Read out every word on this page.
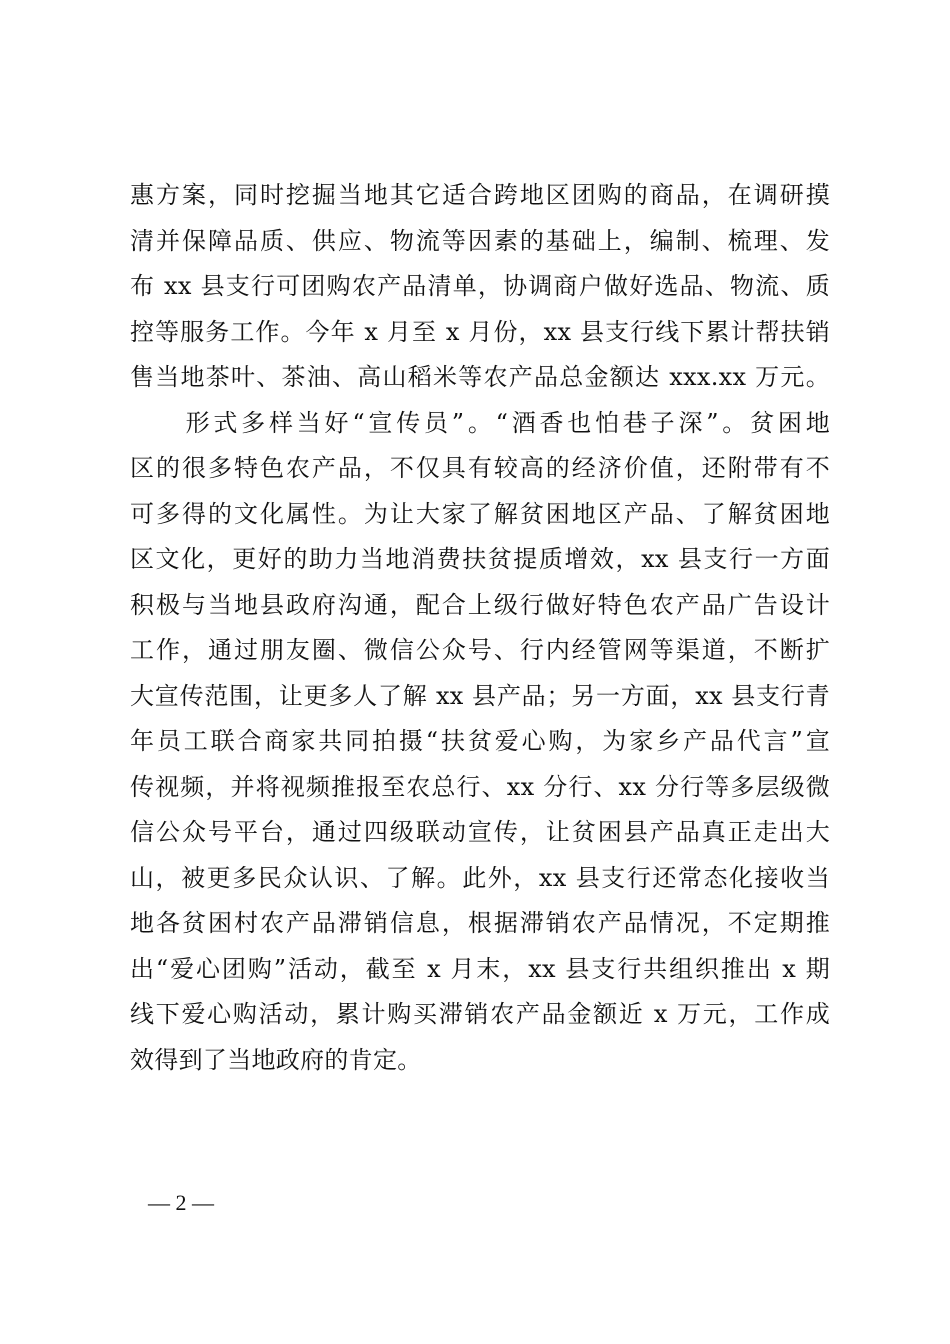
惠方案，同时挖掘当地其它适合跨地区团购的商品，在调研摸
清并保障品质、供应、物流等因素的基础上，编制、梳理、发
布 xx 县支行可团购农产品清单，协调商户做好选品、物流、质
控等服务工作。今年 x 月至 x 月份，xx 县支行线下累计帮扶销
售当地茶叶、茶油、高山稻米等农产品总金额达 xxx.xx 万元。
　　形式多样当好“宣传员”。“酒香也怕巷子深”。贫困地
区的很多特色农产品，不仅具有较高的经济价值，还附带有不
可多得的文化属性。为让大家了解贫困地区产品、了解贫困地
区文化，更好的助力当地消费扶贫提质增效，xx 县支行一方面
积极与当地县政府沟通，配合上级行做好特色农产品广告设计
工作，通过朋友圈、微信公众号、行内经管网等渠道，不断扩
大宣传范围，让更多人了解 xx 县产品；另一方面，xx 县支行青
年员工联合商家共同拍摄“扶贫爱心购，为家乡产品代言”宣
传视频，并将视频推报至农总行、xx 分行、xx 分行等多层级微
信公众号平台，通过四级联动宣传，让贫困县产品真正走出大
山，被更多民众认识、了解。此外，xx 县支行还常态化接收当
地各贫困村农产品滞销信息，根据滞销农产品情况，不定期推
出“爱心团购”活动，截至 x 月末，xx 县支行共组织推出 x 期
线下爱心购活动，累计购买滞销农产品金额近 x 万元，工作成
效得到了当地政府的肯定。
— 2 —
